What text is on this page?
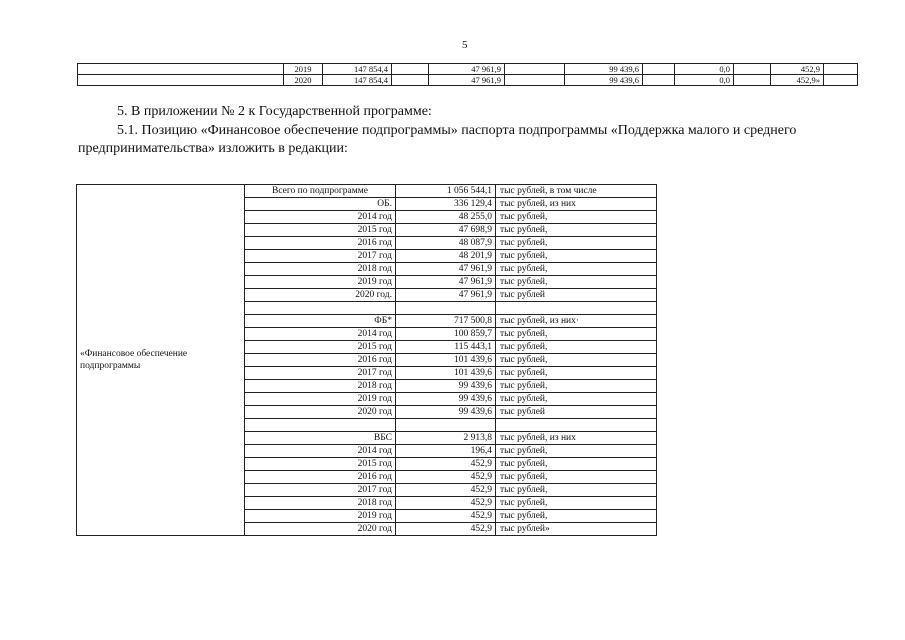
5
	2019	147 854,4		47 961,9		99 439,6		0,0		452,9	
	2020	147 854,4		47 961,9		99 439,6		0,0		452,9»	
5. В приложении № 2 к Государственной программе:
5.1. Позицию «Финансовое обеспечение подпрограммы» паспорта подпрограммы «Поддержка малого и среднего
предпринимательства» изложить в редакции:
«Финансовое обеспечение подпрограммы	Всего по подпрограмме	1 056 544,1	тыс рублей, в том числе
	ОБ.	336 129,4	тыс рублей, из них
	2014 год	48 255,0	тыс рублей,
	2015 год	47 698,9	тыс рублей,
	2016 год	48 087,9	тыс рублей,
	2017 год	48 201,9	тыс рублей,
	2018 год	47 961,9	тыс рублей,
	2019 год	47 961,9	тыс рублей,
	2020 год.	47 961,9	тыс рублей

	ФБ*	717 500,8	тыс рублей, из них·
	2014 год	100 859,7	тыс рублей,
	2015 год	115 443,1	тыс рублей,
	2016 год	101 439,6	тыс рублей,
	2017 год	101 439,6	тыс рублей,
	2018 год	99 439,6	тыс рублей,
	2019 год	99 439,6	тыс рублей,
	2020 год	99 439,6	тыс рублей

	ВБС	2 913,8	тыс рублей, из них
	2014 год	196,4	тыс рублей,
	2015 год	452,9	тыс рублей,
	2016 год	452,9	тыс рублей,
	2017 год	452,9	тыс рублей,
	2018 год	452,9	тыс рублей,
	2019 год	452,9	тыс рублей,
	2020 год	452,9	тыс рублей»
